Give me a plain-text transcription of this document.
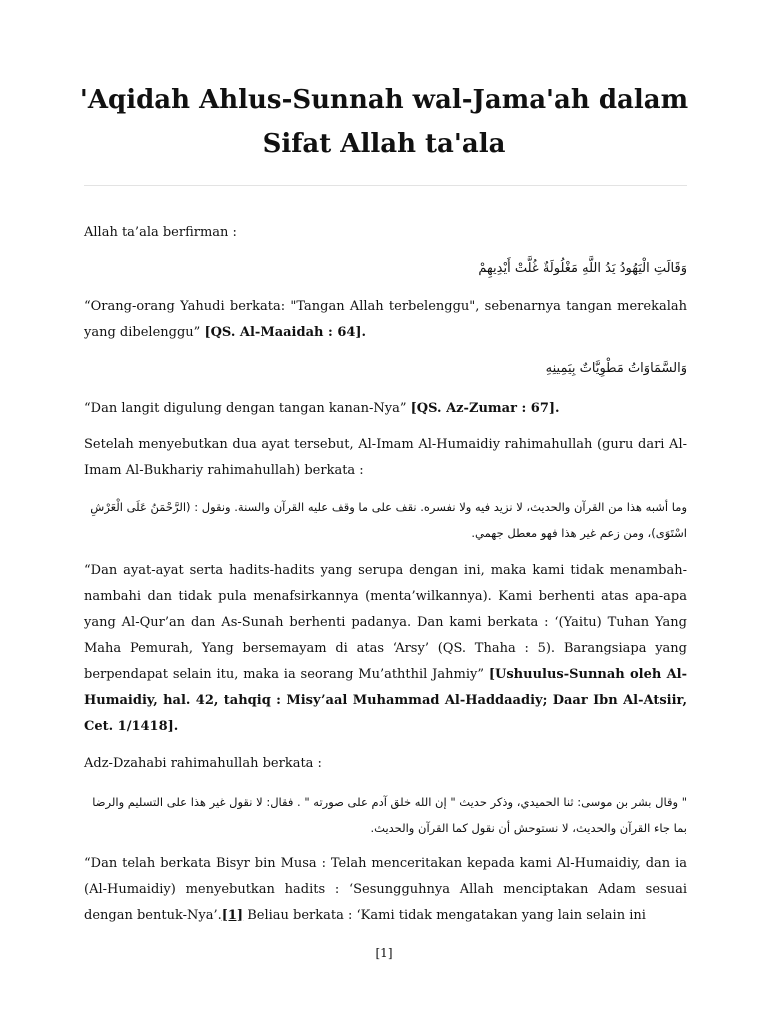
'Aqidah Ahlus-Sunnah wal-Jama'ah dalam
Sifat Allah ta'ala
Allah ta’ala berfirman :
وَقَالَتِ الْيَهُودُ يَدُ اللَّهِ مَغْلُولَةٌ غُلَّتْ أَيْدِيهِمْ
“Orang-orang Yahudi berkata: "Tangan Allah terbelenggu", sebenarnya tangan merekalah yang dibelenggu” [QS. Al-Maaidah : 64].
وَالسَّمَاوَاتُ مَطْوِيَّاتٌ بِيَمِينِهِ
“Dan langit digulung dengan tangan kanan-Nya” [QS. Az-Zumar : 67].
Setelah menyebutkan dua ayat tersebut, Al-Imam Al-Humaidiy rahimahullah (guru dari Al-Imam Al-Bukhariy rahimahullah) berkata :
وما أشبه هذا من القرآن والحديث، لا نزيد فيه ولا نفسره. نقف على ما وقف عليه القرآن والسنة. ونقول : (الرَّحْمَنُ عَلَى الْعَرْشِ اسْتَوَى)، ومن زعم غير هذا فهو معطل جهمي.
“Dan ayat-ayat serta hadits-hadits yang serupa dengan ini, maka kami tidak menambah-nambahi dan tidak pula menafsirkannya (menta’wilkannya). Kami berhenti atas apa-apa yang Al-Qur’an dan As-Sunah berhenti padanya. Dan kami berkata : ‘(Yaitu) Tuhan Yang Maha Pemurah, Yang bersemayam di atas ‘Arsy’ (QS. Thaha : 5). Barangsiapa yang berpendapat selain itu, maka ia seorang Mu’aththil Jahmiy” [Ushuulus-Sunnah oleh Al-Humaidiy, hal. 42, tahqiq : Misy’aal Muhammad Al-Haddaadiy; Daar Ibn Al-Atsiir, Cet. 1/1418].
Adz-Dzahabi rahimahullah berkata :
" وقال بشر بن موسى: ثنا الحميدي، وذكر حديث " إن الله خلق آدم على صورته " . فقال: لا نقول غير هذا على التسليم والرضا بما جاء القرآن والحديث، لا نستوحش أن نقول كما القرآن والحديث.
“Dan telah berkata Bisyr bin Musa : Telah menceritakan kepada kami Al-Humaidiy, dan ia (Al-Humaidiy) menyebutkan hadits : ‘Sesungguhnya Allah menciptakan Adam sesuai dengan bentuk-Nya’.[1] Beliau berkata : ‘Kami tidak mengatakan yang lain selain ini
[1]
